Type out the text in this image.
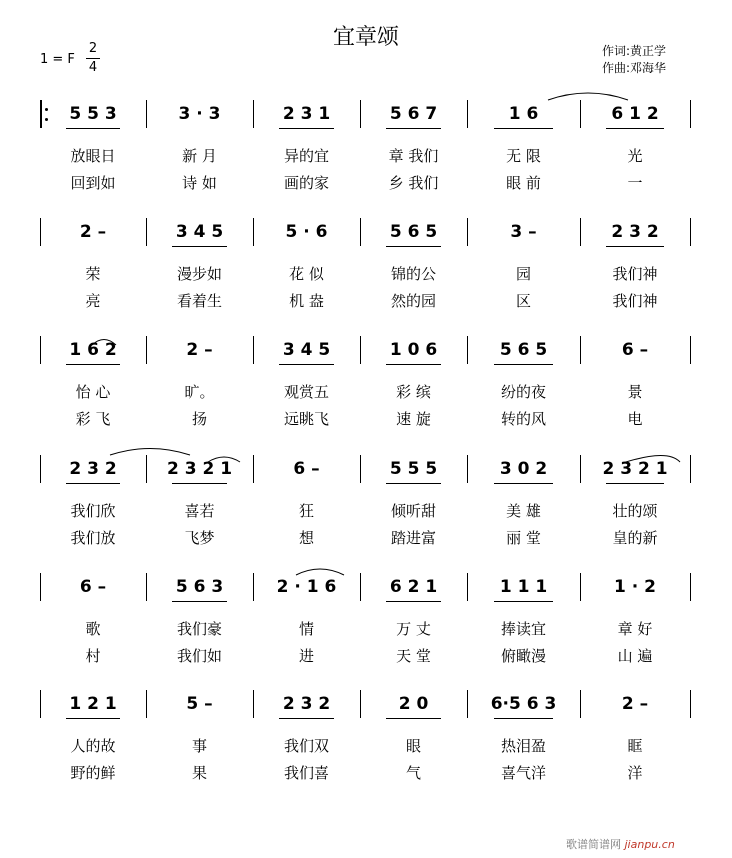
宜章颂
1 = F
2
4
作词:黄正学
作曲:邓海华
5 5 3
放眼日
回到如
3 · 3
新 月
诗 如
2 3 1
异的宜
画的家
5 6 7
章 我们
乡 我们
1 6
无 限
眼 前
6 1 2
光
一
2 –
荣
亮
3 4 5
漫步如
看着生
5 · 6
花 似
机 盎
5 6 5
锦的公
然的园
3 –
园
区
2 3 2
我们神
我们神
1 6 2
怡 心
彩 飞
2 –
旷。
扬
3 4 5
观赏五
远眺飞
1 0 6
彩 缤
速 旋
5 6 5
纷的夜
转的风
6 –
景
电
2 3 2
我们欣
我们放
2 3 2 1
喜若
飞梦
6 –
狂
想
5 5 5
倾听甜
踏进富
3 0 2
美 雄
丽 堂
2 3 2 1
壮的颂
皇的新
6 –
歌
村
5 6 3
我们豪
我们如
2 · 1 6
情
进
6 2 1
万 丈
天 堂
1 1 1
捧读宜
俯瞰漫
1 · 2
章 好
山 遍
1 2 1
人的故
野的鲜
5 –
事
果
2 3 2
我们双
我们喜
2 0
眼
气
6·5 6 3
热泪盈
喜气洋
2 –
眶
洋
歌谱简谱网 jianpu.cn
